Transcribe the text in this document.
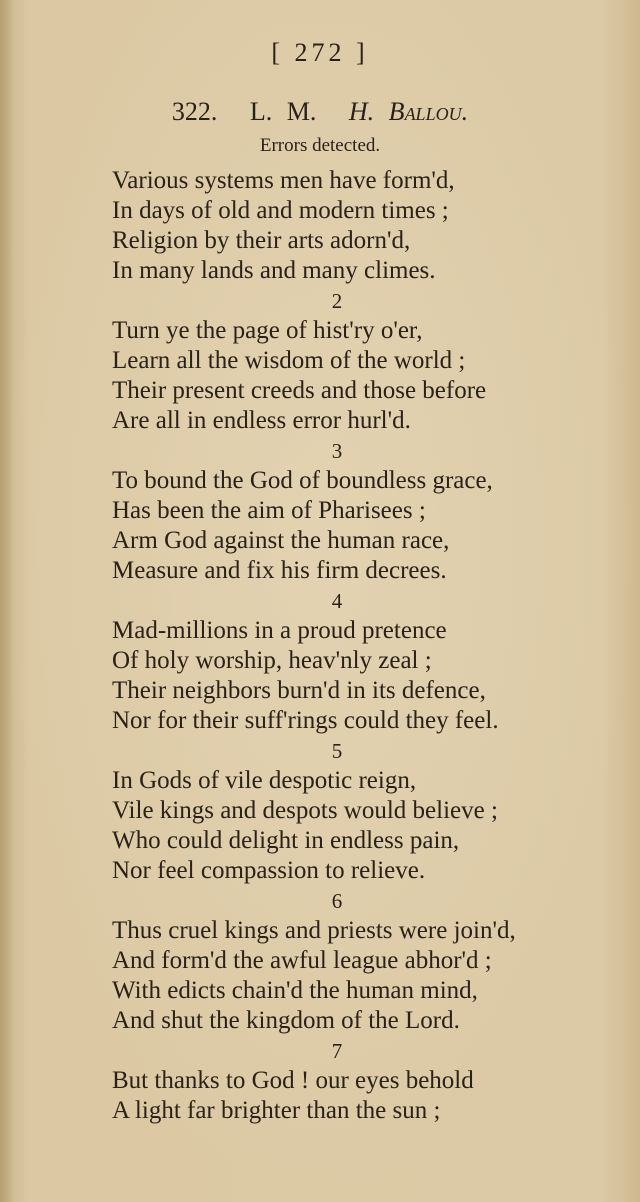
[ 272 ]
322. L. M. H. Ballou.
Errors detected.
Various systems men have form'd,
In days of old and modern times ;
Religion by their arts adorn'd,
In many lands and many climes.
2
Turn ye the page of hist'ry o'er,
Learn all the wisdom of the world ;
Their present creeds and those before
Are all in endless error hurl'd.
3
To bound the God of boundless grace,
Has been the aim of Pharisees ;
Arm God against the human race,
Measure and fix his firm decrees.
4
Mad-millions in a proud pretence
Of holy worship, heav'nly zeal ;
Their neighbors burn'd in its defence,
Nor for their suff'rings could they feel.
5
In Gods of vile despotic reign,
Vile kings and despots would believe ;
Who could delight in endless pain,
Nor feel compassion to relieve.
6
Thus cruel kings and priests were join'd,
And form'd the awful league abhor'd ;
With edicts chain'd the human mind,
And shut the kingdom of the Lord.
7
But thanks to God ! our eyes behold
A light far brighter than the sun ;
